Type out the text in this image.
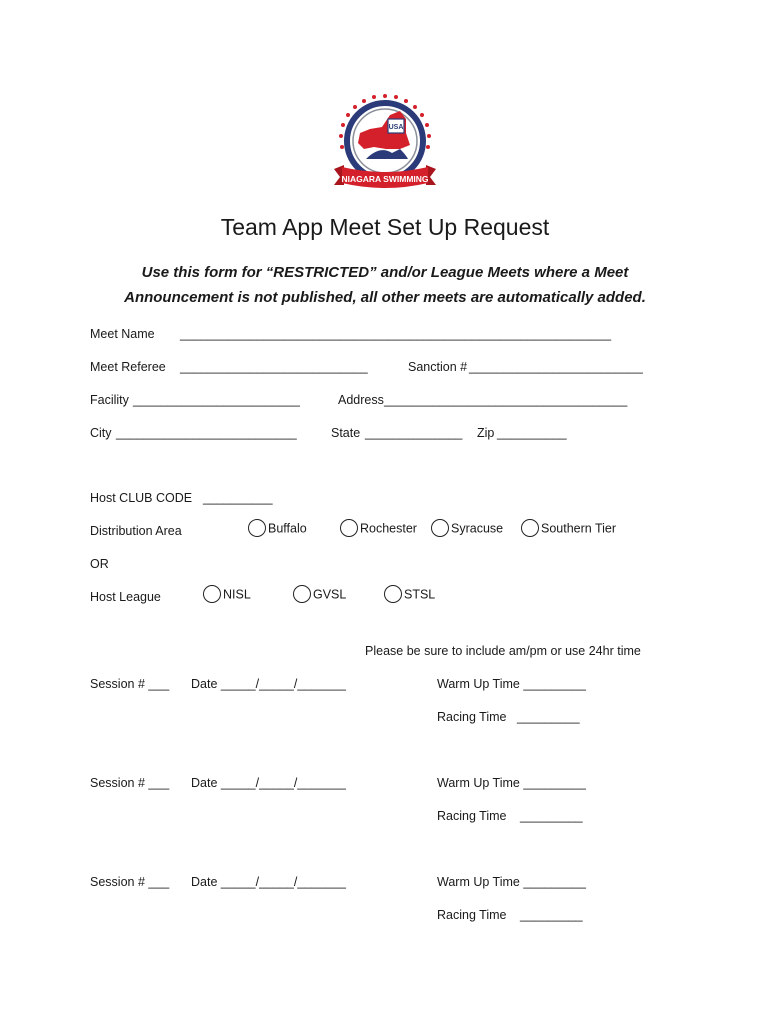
USA
NIAGARA SWIMMING
Team App Meet Set Up Request
Use this form for “RESTRICTED” and/or League Meets where a Meet
Announcement is not published, all other meets are automatically added.
Meet Name ______________________________________________________________
Meet Referee ___________________________	Sanction # _________________________
Facility ________________________	Address ___________________________________
City __________________________	State ______________ Zip __________
Host CLUB CODE __________
Distribution Area	Buffalo	Rochester	Syracuse	Southern Tier
OR
Host League	NISL	GVSL	STSL
Please be sure to include am/pm or use 24hr time
Session # ___ Date _____/_____/_______	Warm Up Time _________
Racing Time _________
Session # ___ Date _____/_____/_______	Warm Up Time _________
Racing Time _________
Session # ___ Date _____/_____/_______	Warm Up Time _________
Racing Time _________
